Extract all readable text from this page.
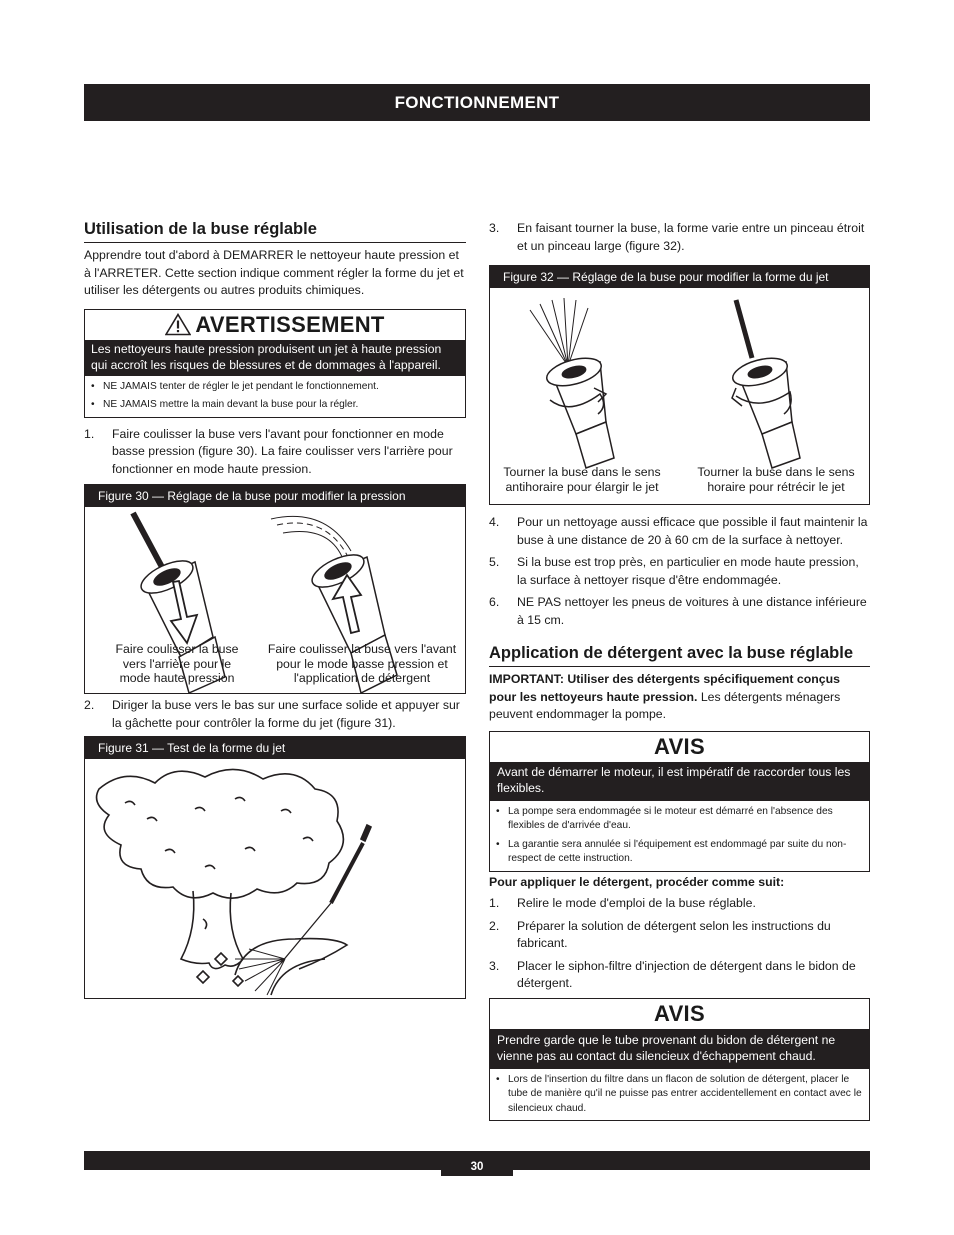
FONCTIONNEMENT
Utilisation de la buse réglable

Apprendre tout d'abord à DEMARRER le nettoyeur haute pression et à l'ARRETER. Cette section indique comment régler la forme du jet et utiliser les détergents ou autres produits chimiques.

AVERTISSEMENT
Les nettoyeurs haute pression produisent un jet à haute pression qui accroît les risques de blessures et de dommages à l'appareil.
• NE JAMAIS tenter de régler le jet pendant le fonctionnement.
• NE JAMAIS mettre la main devant la buse pour la régler.
1. Faire coulisser la buse vers l'avant pour fonctionner en mode basse pression (figure 30). La faire coulisser vers l'arrière pour fonctionner en mode haute pression.
Figure 30 — Réglage de la buse pour modifier la pression
Faire coulisser la buse vers l'arrière pour le mode haute pression
Faire coulisser la buse vers l'avant pour le mode basse pression et l'application de détergent
2. Diriger la buse vers le bas sur une surface solide et appuyer sur la gâchette pour contrôler la forme du jet (figure 31).
Figure 31 — Test de la forme du jet
3. En faisant tourner la buse, la forme varie entre un pinceau étroit et un pinceau large (figure 32).
Figure 32 — Réglage de la buse pour modifier la forme du jet
Tourner la buse dans le sens antihoraire pour élargir le jet
Tourner la buse dans le sens horaire pour rétrécir le jet
4. Pour un nettoyage aussi efficace que possible il faut maintenir la buse à une distance de 20 à 60 cm de la surface à nettoyer.
5. Si la buse est trop près, en particulier en mode haute pression, la surface à nettoyer risque d'être endommagée.
6. NE PAS nettoyer les pneus de voitures à une distance inférieure à 15 cm.
Application de détergent avec la buse réglable

IMPORTANT: Utiliser des détergents spécifiquement conçus pour les nettoyeurs haute pression. Les détergents ménagers peuvent endommager la pompe.

AVIS
Avant de démarrer le moteur, il est impératif de raccorder tous les flexibles.
• La pompe sera endommagée si le moteur est démarré en l'absence des flexibles de d'arrivée d'eau.
• La garantie sera annulée si l'équipement est endommagé par suite du non-respect de cette instruction.

Pour appliquer le détergent, procéder comme suit:

1. Relire le mode d'emploi de la buse réglable.
2. Préparer la solution de détergent selon les instructions du fabricant.
3. Placer le siphon-filtre d'injection de détergent dans le bidon de détergent.
AVIS
Prendre garde que le tube provenant du bidon de détergent ne vienne pas au contact du silencieux d'échappement chaud.
• Lors de l'insertion du filtre dans un flacon de solution de détergent, placer le tube de manière qu'il ne puisse pas entrer accidentellement en contact avec le silencieux chaud.
30
